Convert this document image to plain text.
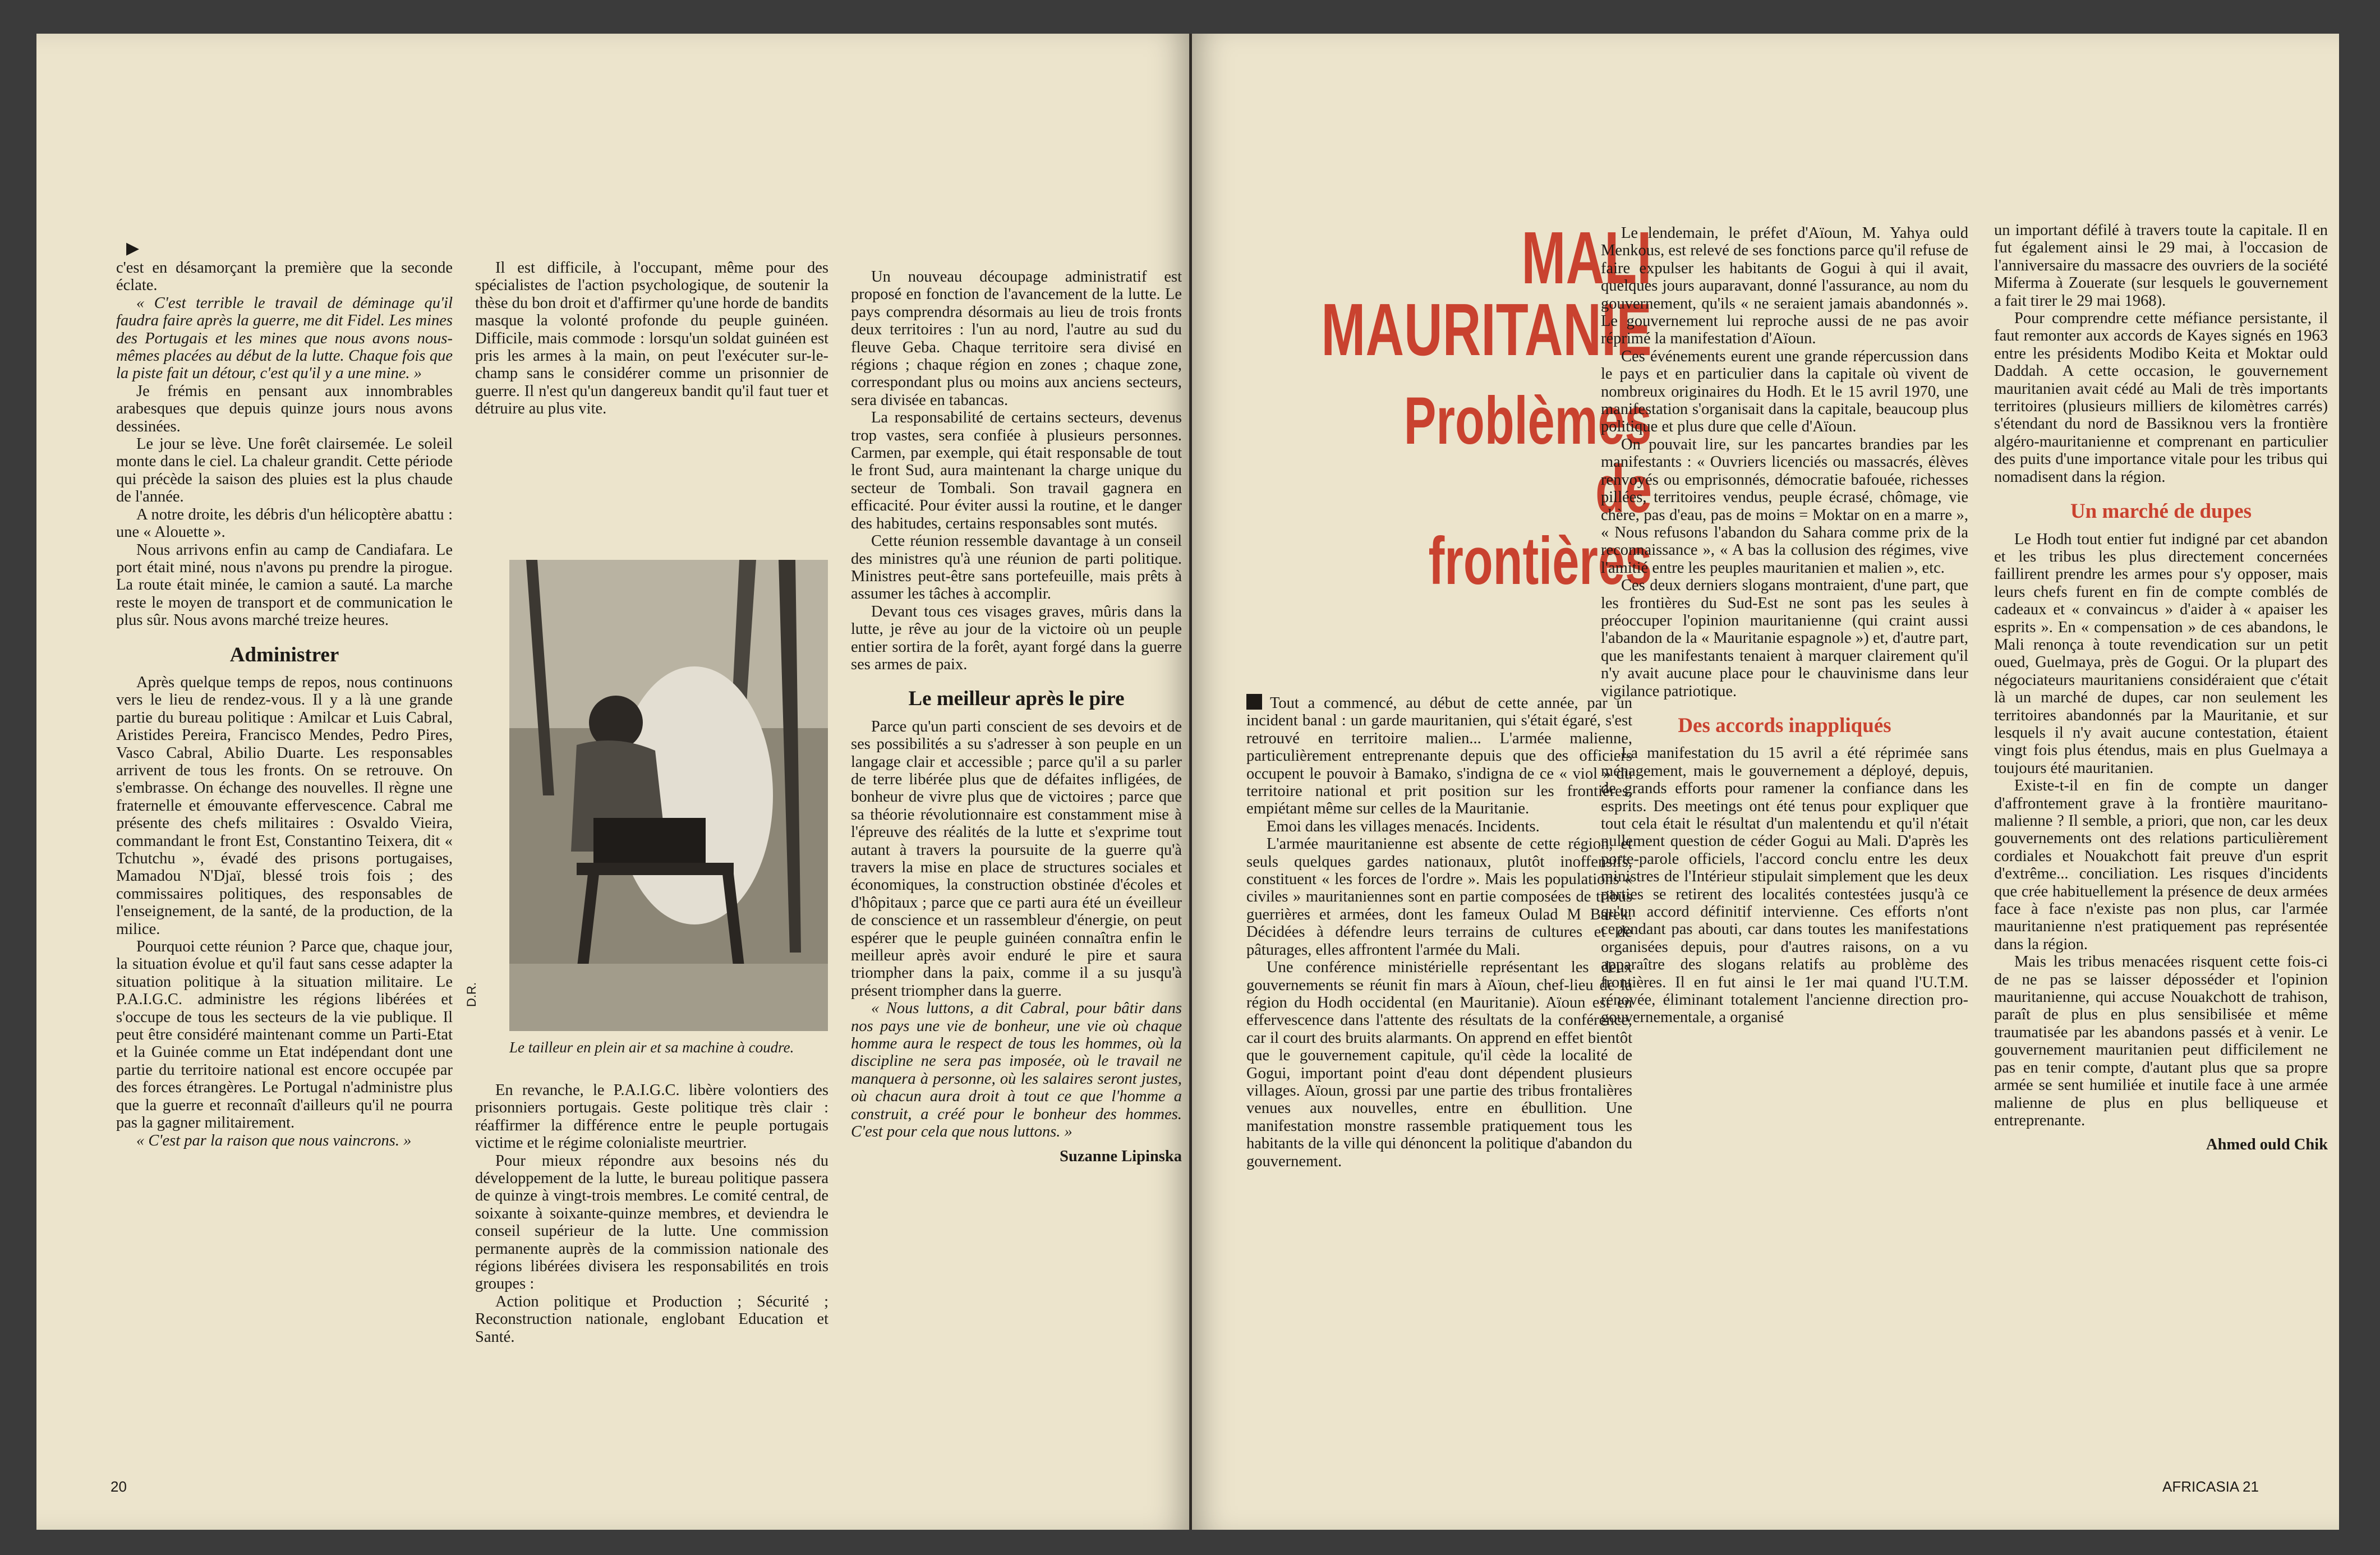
▶

c'est en désamorçant la première que la seconde éclate.

« C'est terrible le travail de déminage qu'il faudra faire après la guerre, me dit Fidel. Les mines des Portugais et les mines que nous avons nous-mêmes placées au début de la lutte. Chaque fois que la piste fait un détour, c'est qu'il y a une mine. »

Je frémis en pensant aux innombrables arabesques que depuis quinze jours nous avons dessinées.

Le jour se lève. Une forêt clairsemée. Le soleil monte dans le ciel. La chaleur grandit. Cette période qui précède la saison des pluies est la plus chaude de l'année.

A notre droite, les débris d'un hélicoptère abattu : une « Alouette ».

Nous arrivons enfin au camp de Candiafara. Le port était miné, nous n'avons pu prendre la pirogue. La route était minée, le camion a sauté. La marche reste le moyen de transport et de communication le plus sûr. Nous avons marché treize heures.

Administrer

Après quelque temps de repos, nous continuons vers le lieu de rendez-vous. Il y a là une grande partie du bureau politique : Amilcar et Luis Cabral, Aristides Pereira, Francisco Mendes, Pedro Pires, Vasco Cabral, Abilio Duarte. Les responsables arrivent de tous les fronts. On se retrouve. On s'embrasse. On échange des nouvelles. Il règne une fraternelle et émouvante effervescence. Cabral me présente des chefs militaires : Osvaldo Vieira, commandant le front Est, Constantino Teixera, dit « Tchutchu », évadé des prisons portugaises, Mamadou N'Djaï, blessé trois fois ; des commissaires politiques, des responsables de l'enseignement, de la santé, de la production, de la milice.

Pourquoi cette réunion ? Parce que, chaque jour, la situation évolue et qu'il faut sans cesse adapter la situation politique à la situation militaire. Le P.A.I.G.C. administre les régions libérées et s'occupe de tous les secteurs de la vie publique. Il peut être considéré maintenant comme un Parti-Etat et la Guinée comme un Etat indépendant dont une partie du territoire national est encore occupée par des forces étrangères. Le Portugal n'administre plus que la guerre et reconnaît d'ailleurs qu'il ne pourra pas la gagner militairement.

« C'est par la raison que nous vaincrons. »

Il est difficile, à l'occupant, même pour des spécialistes de l'action psychologique, de soutenir la thèse du bon droit et d'affirmer qu'une horde de bandits masque la volonté profonde du peuple guinéen. Difficile, mais commode : lorsqu'un soldat guinéen est pris les armes à la main, on peut l'exécuter sur-le-champ sans le considérer comme un prisonnier de guerre. Il n'est qu'un dangereux bandit qu'il faut tuer et détruire au plus vite.

D.R.
Le tailleur en plein air et sa machine à coudre.

En revanche, le P.A.I.G.C. libère volontiers des prisonniers portugais. Geste politique très clair : réaffirmer la différence entre le peuple portugais victime et le régime colonialiste meurtrier.

Pour mieux répondre aux besoins nés du développement de la lutte, le bureau politique passera de quinze à vingt-trois membres. Le comité central, de soixante à soixante-quinze membres, et deviendra le conseil supérieur de la lutte. Une commission permanente auprès de la commission nationale des régions libérées divisera les responsabilités en trois groupes :

Action politique et Production ; Sécurité ; Reconstruction nationale, englobant Education et Santé.

Un nouveau découpage administratif est proposé en fonction de l'avancement de la lutte. Le pays comprendra désormais au lieu de trois fronts deux territoires : l'un au nord, l'autre au sud du fleuve Geba. Chaque territoire sera divisé en régions ; chaque région en zones ; chaque zone, correspondant plus ou moins aux anciens secteurs, sera divisée en tabancas.

La responsabilité de certains secteurs, devenus trop vastes, sera confiée à plusieurs personnes. Carmen, par exemple, qui était responsable de tout le front Sud, aura maintenant la charge unique du secteur de Tombali. Son travail gagnera en efficacité. Pour éviter aussi la routine, et le danger des habitudes, certains responsables sont mutés.

Cette réunion ressemble davantage à un conseil des ministres qu'à une réunion de parti politique. Ministres peut-être sans portefeuille, mais prêts à assumer les tâches à accomplir.

Devant tous ces visages graves, mûris dans la lutte, je rêve au jour de la victoire où un peuple entier sortira de la forêt, ayant forgé dans la guerre ses armes de paix.

Le meilleur après le pire

Parce qu'un parti conscient de ses devoirs et de ses possibilités a su s'adresser à son peuple en un langage clair et accessible ; parce qu'il a su parler de terre libérée plus que de défaites infligées, de bonheur de vivre plus que de victoires ; parce que sa théorie révolutionnaire est constamment mise à l'épreuve des réalités de la lutte et s'exprime tout autant à travers la poursuite de la guerre qu'à travers la mise en place de structures sociales et économiques, la construction obstinée d'écoles et d'hôpitaux ; parce que ce parti aura été un éveilleur de conscience et un rassembleur d'énergie, on peut espérer que le peuple guinéen connaîtra enfin le meilleur après avoir enduré le pire et saura triompher dans la paix, comme il a su jusqu'à présent triompher dans la guerre.

« Nous luttons, a dit Cabral, pour bâtir dans nos pays une vie de bonheur, une vie où chaque homme aura le respect de tous les hommes, où la discipline ne sera pas imposée, où le travail ne manquera à personne, où les salaires seront justes, où chacun aura droit à tout ce que l'homme a construit, a créé pour le bonheur des hommes. C'est pour cela que nous luttons. »

Suzanne Lipinska
20
MALI
MAURITANIE
Problèmes
de frontières

Tout a commencé, au début de cette année, par un incident banal : un garde mauritanien, qui s'était égaré, s'est retrouvé en territoire malien... L'armée malienne, particulièrement entreprenante depuis que des officiers occupent le pouvoir à Bamako, s'indigna de ce « viol » du territoire national et prit position sur les frontières, empiétant même sur celles de la Mauritanie.

Emoi dans les villages menacés. Incidents.

L'armée mauritanienne est absente de cette région, et seuls quelques gardes nationaux, plutôt inoffensifs, constituent « les forces de l'ordre ». Mais les populations « civiles » mauritaniennes sont en partie composées de tribus guerrières et armées, dont les fameux Oulad M Barek. Décidées à défendre leurs terrains de cultures et de pâturages, elles affrontent l'armée du Mali.

Une conférence ministérielle représentant les deux gouvernements se réunit fin mars à Aïoun, chef-lieu de la région du Hodh occidental (en Mauritanie). Aïoun est en effervescence dans l'attente des résultats de la conférence, car il court des bruits alarmants. On apprend en effet bientôt que le gouvernement capitule, qu'il cède la localité de Gogui, important point d'eau dont dépendent plusieurs villages. Aïoun, grossi par une partie des tribus frontalières venues aux nouvelles, entre en ébullition. Une manifestation monstre rassemble pratiquement tous les habitants de la ville qui dénoncent la politique d'abandon du gouvernement.

Le lendemain, le préfet d'Aïoun, M. Yahya ould Menkous, est relevé de ses fonctions parce qu'il refuse de faire expulser les habitants de Gogui à qui il avait, quelques jours auparavant, donné l'assurance, au nom du gouvernement, qu'ils « ne seraient jamais abandonnés ». Le gouvernement lui reproche aussi de ne pas avoir réprimé la manifestation d'Aïoun.

Ces événements eurent une grande répercussion dans le pays et en particulier dans la capitale où vivent de nombreux originaires du Hodh. Et le 15 avril 1970, une manifestation s'organisait dans la capitale, beaucoup plus politique et plus dure que celle d'Aïoun.

On pouvait lire, sur les pancartes brandies par les manifestants : « Ouvriers licenciés ou massacrés, élèves renvoyés ou emprisonnés, démocratie bafouée, richesses pillées, territoires vendus, peuple écrasé, chômage, vie chère, pas d'eau, pas de moins = Moktar on en a marre », « Nous refusons l'abandon du Sahara comme prix de la reconnaissance », « A bas la collusion des régimes, vive l'amitié entre les peuples mauritanien et malien », etc.

Ces deux derniers slogans montraient, d'une part, que les frontières du Sud-Est ne sont pas les seules à préoccuper l'opinion mauritanienne (qui craint aussi l'abandon de la « Mauritanie espagnole ») et, d'autre part, que les manifestants tenaient à marquer clairement qu'il n'y avait aucune place pour le chauvinisme dans leur vigilance patriotique.

Des accords inappliqués

La manifestation du 15 avril a été réprimée sans ménagement, mais le gouvernement a déployé, depuis, de grands efforts pour ramener la confiance dans les esprits. Des meetings ont été tenus pour expliquer que tout cela était le résultat d'un malentendu et qu'il n'était nullement question de céder Gogui au Mali. D'après les porte-parole officiels, l'accord conclu entre les deux ministres de l'Intérieur stipulait simplement que les deux parties se retirent des localités contestées jusqu'à ce qu'un accord définitif intervienne. Ces efforts n'ont cependant pas abouti, car dans toutes les manifestations organisées depuis, pour d'autres raisons, on a vu apparaître des slogans relatifs au problème des frontières. Il en fut ainsi le 1er mai quand l'U.T.M. rénovée, éliminant totalement l'ancienne direction pro-gouvernementale, a organisé

un important défilé à travers toute la capitale. Il en fut également ainsi le 29 mai, à l'occasion de l'anniversaire du massacre des ouvriers de la société Miferma à Zouerate (sur lesquels le gouvernement a fait tirer le 29 mai 1968).

Pour comprendre cette méfiance persistante, il faut remonter aux accords de Kayes signés en 1963 entre les présidents Modibo Keita et Moktar ould Daddah. A cette occasion, le gouvernement mauritanien avait cédé au Mali de très importants territoires (plusieurs milliers de kilomètres carrés) s'étendant du nord de Bassiknou vers la frontière algéro-mauritanienne et comprenant en particulier des puits d'une importance vitale pour les tribus qui nomadisent dans la région.

Un marché de dupes

Le Hodh tout entier fut indigné par cet abandon et les tribus les plus directement concernées faillirent prendre les armes pour s'y opposer, mais leurs chefs furent en fin de compte comblés de cadeaux et « convaincus » d'aider à « apaiser les esprits ». En « compensation » de ces abandons, le Mali renonça à toute revendication sur un petit oued, Guelmaya, près de Gogui. Or la plupart des négociateurs mauritaniens considéraient que c'était là un marché de dupes, car non seulement les territoires abandonnés par la Mauritanie, et sur lesquels il n'y avait aucune contestation, étaient vingt fois plus étendus, mais en plus Guelmaya a toujours été mauritanien.

Existe-t-il en fin de compte un danger d'affrontement grave à la frontière mauritano-malienne ? Il semble, a priori, que non, car les deux gouvernements ont des relations particulièrement cordiales et Nouakchott fait preuve d'un esprit d'extrême... conciliation. Les risques d'incidents que crée habituellement la présence de deux armées face à face n'existe pas non plus, car l'armée mauritanienne n'est pratiquement pas représentée dans la région.

Mais les tribus menacées risquent cette fois-ci de ne pas se laisser déposséder et l'opinion mauritanienne, qui accuse Nouakchott de trahison, paraît de plus en plus sensibilisée et même traumatisée par les abandons passés et à venir. Le gouvernement mauritanien peut difficilement ne pas en tenir compte, d'autant plus que sa propre armée se sent humiliée et inutile face à une armée malienne de plus en plus belliqueuse et entreprenante.

Ahmed ould Chik
AFRICASIA 21
